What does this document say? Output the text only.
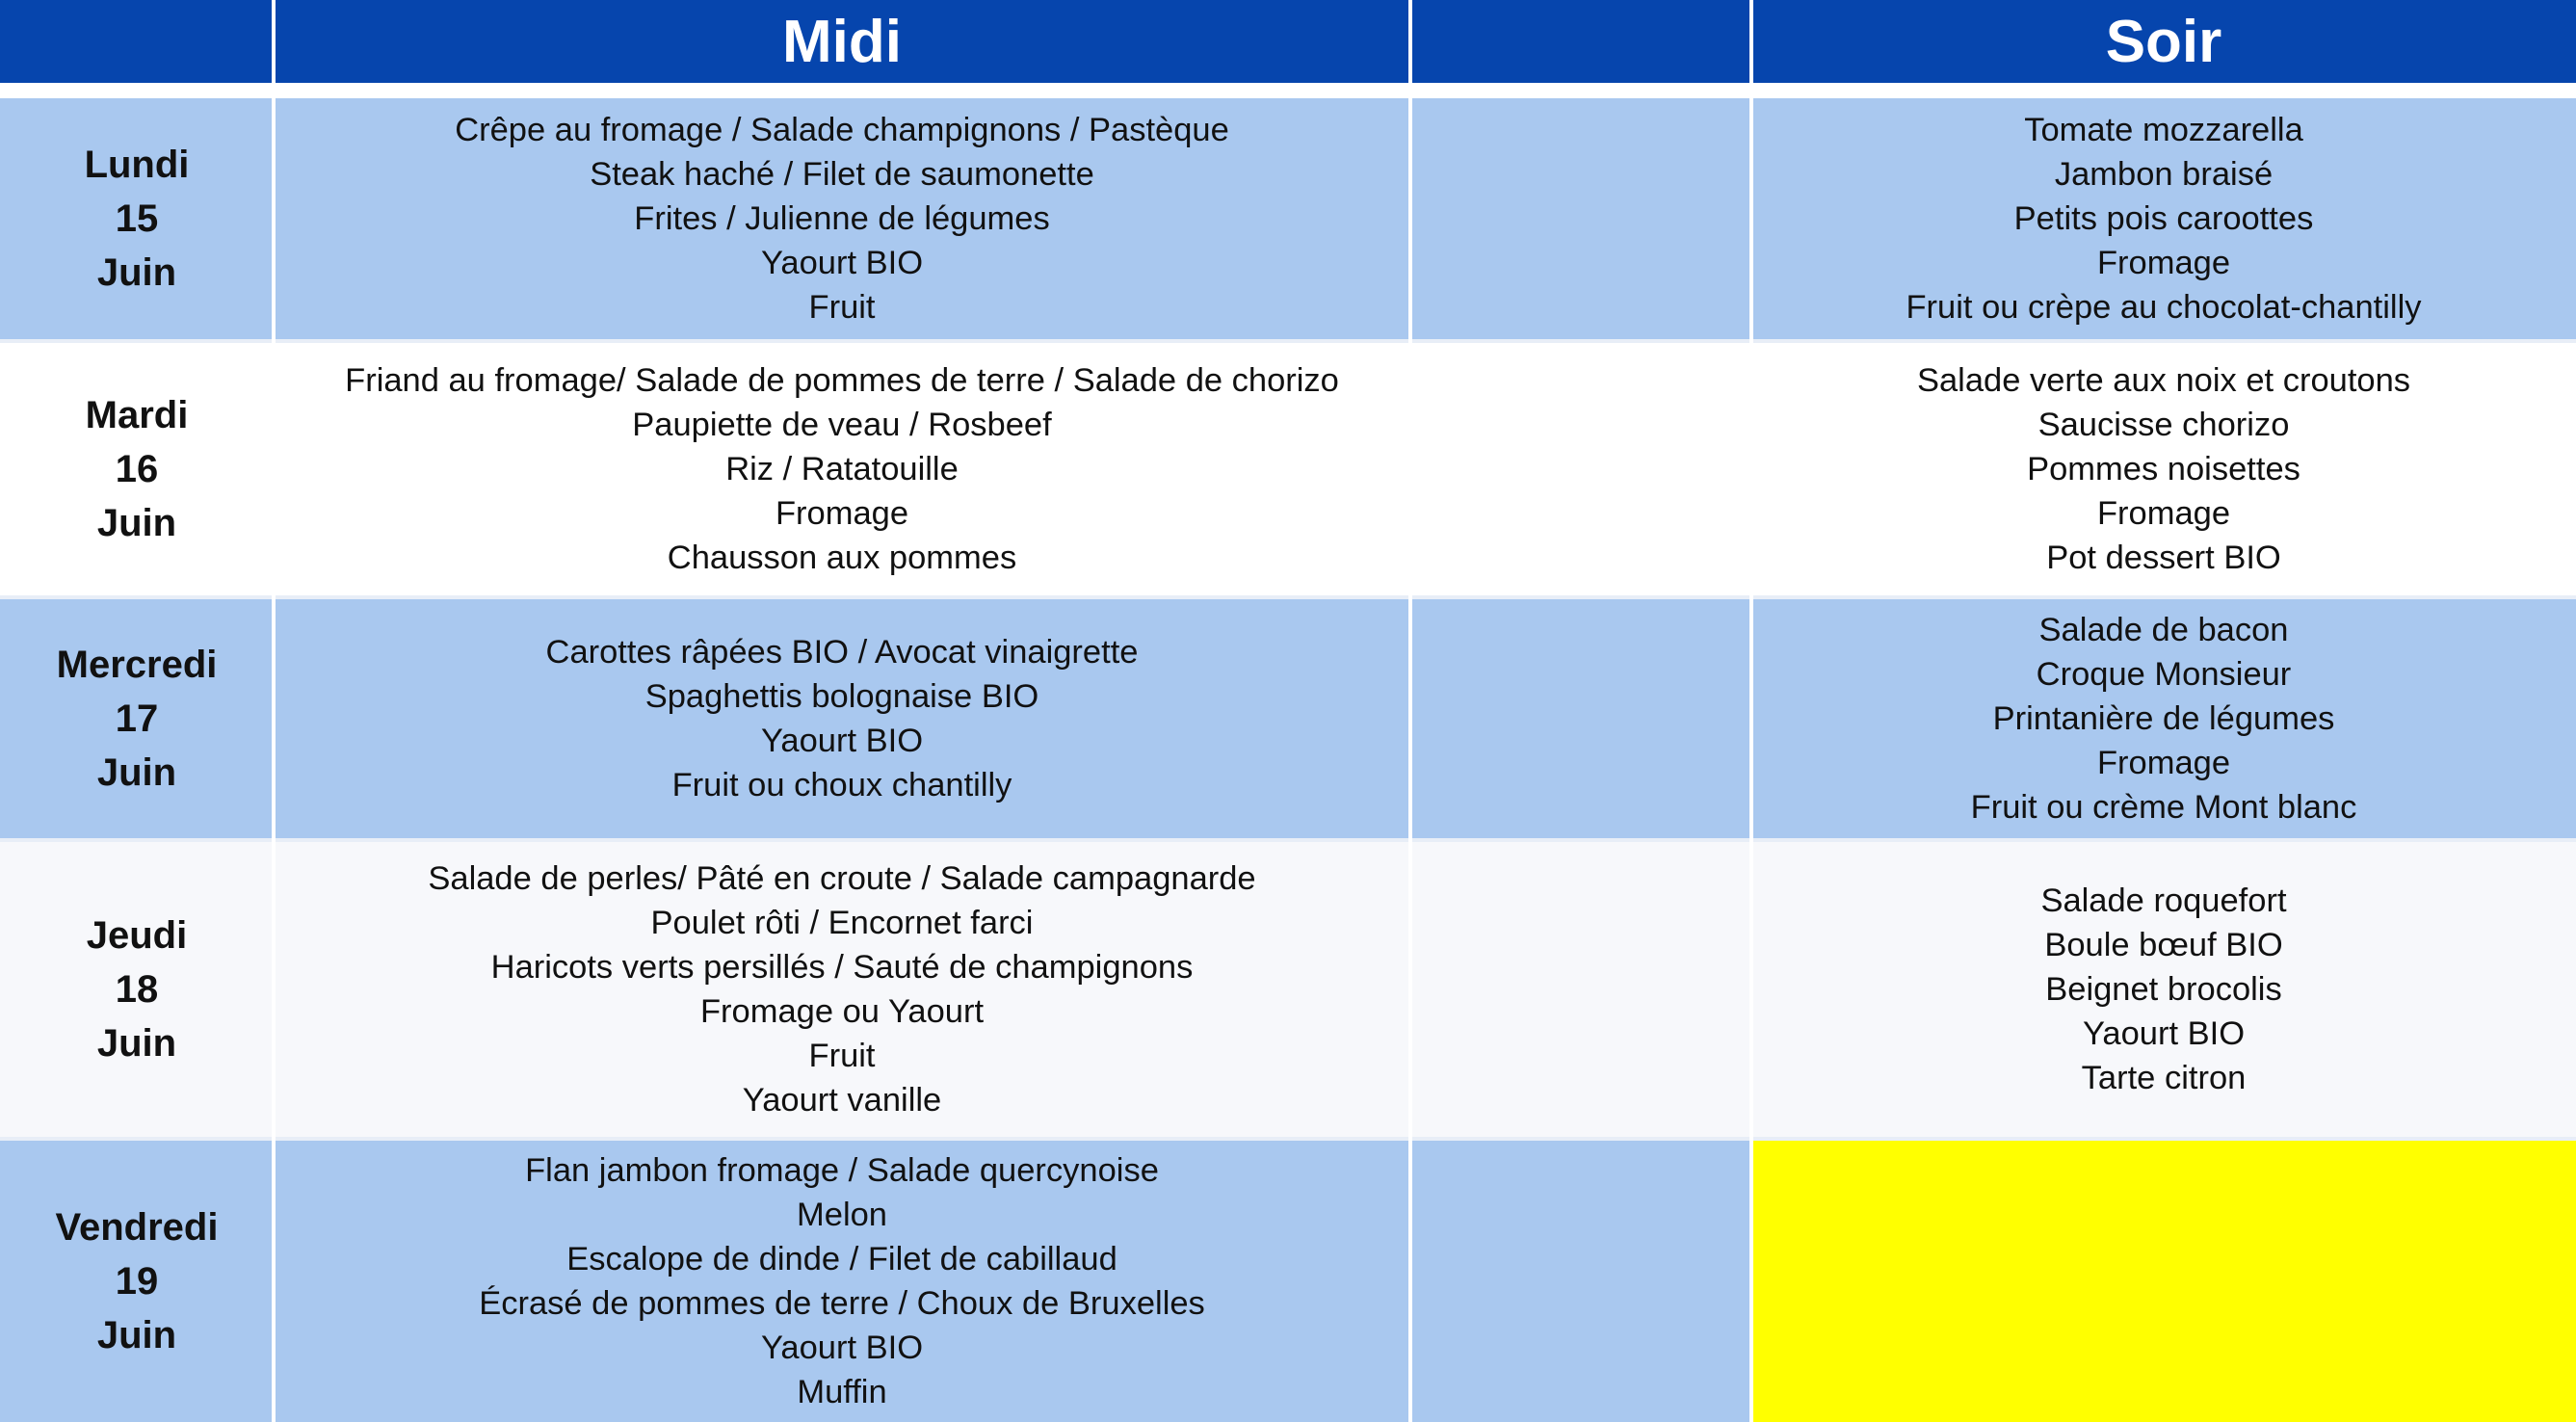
Midi	Soir
Lundi
15
Juin
Crêpe au fromage / Salade champignons / Pastèque
Steak haché / Filet de saumonette
Frites / Julienne de légumes
Yaourt BIO
Fruit
Tomate mozzarella
Jambon braisé
Petits pois caroottes
Fromage
Fruit ou crèpe au chocolat-chantilly
Mardi
16
Juin
Friand au fromage/ Salade de pommes de terre / Salade de chorizo
Paupiette de veau / Rosbeef
Riz / Ratatouille
Fromage
Chausson aux pommes
Salade verte aux noix et croutons
Saucisse chorizo
Pommes noisettes
Fromage
Pot dessert BIO
Mercredi
17
Juin
Carottes râpées BIO / Avocat vinaigrette
Spaghettis bolognaise BIO
Yaourt BIO
Fruit ou choux chantilly
Salade de bacon
Croque Monsieur
Printanière de légumes
Fromage
Fruit ou crème Mont blanc
Jeudi
18
Juin
Salade de perles/ Pâté en croute / Salade campagnarde
Poulet rôti / Encornet farci
Haricots verts persillés / Sauté de champignons
Fromage ou Yaourt
Fruit
Yaourt vanille
Salade roquefort
Boule bœuf BIO
Beignet brocolis
Yaourt BIO
Tarte citron
Vendredi
19
Juin
Flan jambon fromage / Salade quercynoise
Melon
Escalope de dinde / Filet de cabillaud
Écrasé de pommes de terre / Choux de Bruxelles
Yaourt BIO
Muffin
